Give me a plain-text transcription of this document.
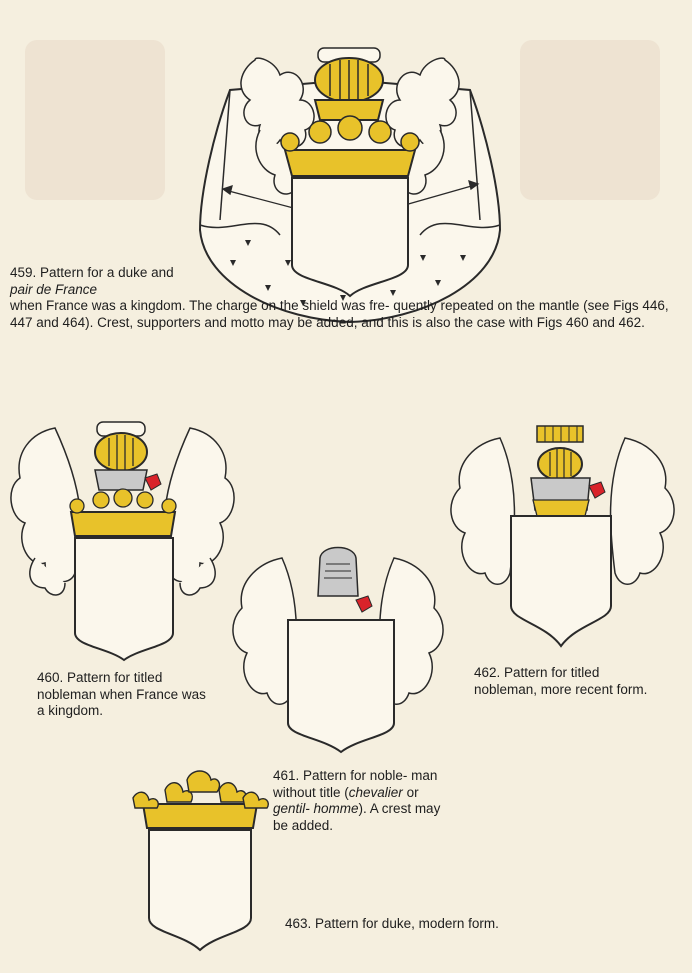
459. Pattern for a duke and pair de France
when France was a kingdom. The charge on the shield was fre- quently repeated on the mantle (see Figs 446, 447 and 464). Crest, supporters and motto may be added, and this is also the case with Figs 460 and 462.
460. Pattern for titled nobleman when France was a kingdom.
461. Pattern for noble- man without title (chevalier or gentil- homme). A crest may be added.
462. Pattern for titled nobleman, more recent form.
463. Pattern for duke, modern form.
